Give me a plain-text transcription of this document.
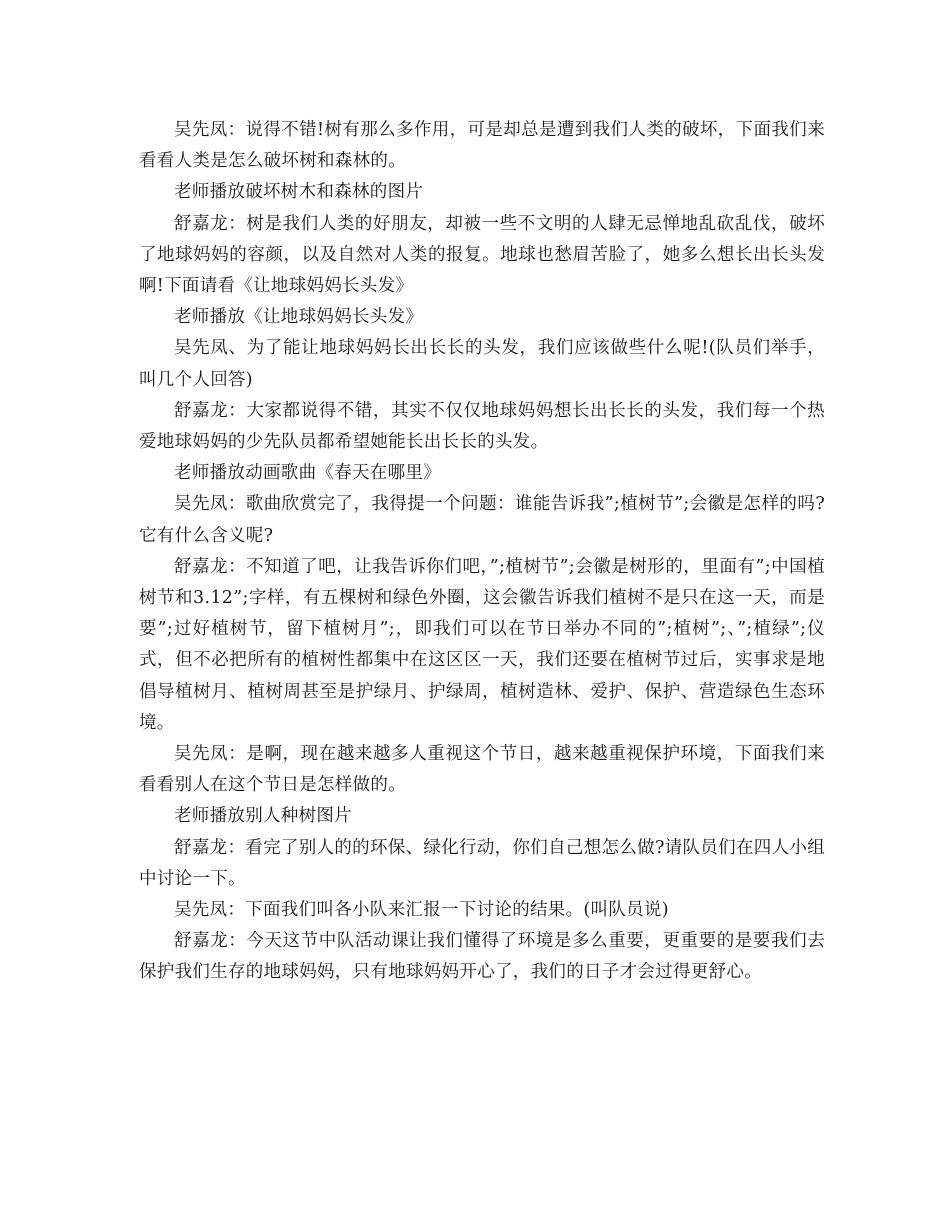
吴先凤：说得不错!树有那么多作用，可是却总是遭到我们人类的破坏，下面我们来看看人类是怎么破坏树和森林的。

老师播放破坏树木和森林的图片

舒嘉龙：树是我们人类的好朋友，却被一些不文明的人肆无忌惮地乱砍乱伐，破坏了地球妈妈的容颜，以及自然对人类的报复。地球也愁眉苦脸了，她多么想长出长头发啊!下面请看《让地球妈妈长头发》

老师播放《让地球妈妈长头发》

吴先凤、为了能让地球妈妈长出长长的头发，我们应该做些什么呢!(队员们举手，叫几个人回答)

舒嘉龙：大家都说得不错，其实不仅仅地球妈妈想长出长长的头发，我们每一个热爱地球妈妈的少先队员都希望她能长出长长的头发。

老师播放动画歌曲《春天在哪里》

吴先凤：歌曲欣赏完了，我得提一个问题：谁能告诉我”;植树节”;会徽是怎样的吗?它有什么含义呢?

舒嘉龙：不知道了吧，让我告诉你们吧，”;植树节”;会徽是树形的，里面有”;中国植树节和3.12”;字样，有五棵树和绿色外圈，这会徽告诉我们植树不是只在这一天，而是要”;过好植树节，留下植树月”;，即我们可以在节日举办不同的”;植树”;、”;植绿”;仪式，但不必把所有的植树性都集中在这区区一天，我们还要在植树节过后，实事求是地倡导植树月、植树周甚至是护绿月、护绿周，植树造林、爱护、保护、营造绿色生态环境。

吴先凤：是啊，现在越来越多人重视这个节日，越来越重视保护环境，下面我们来看看别人在这个节日是怎样做的。

老师播放别人种树图片

舒嘉龙：看完了别人的的环保、绿化行动，你们自己想怎么做?请队员们在四人小组中讨论一下。

吴先凤：下面我们叫各小队来汇报一下讨论的结果。(叫队员说)

舒嘉龙：今天这节中队活动课让我们懂得了环境是多么重要，更重要的是要我们去保护我们生存的地球妈妈，只有地球妈妈开心了，我们的日子才会过得更舒心。
